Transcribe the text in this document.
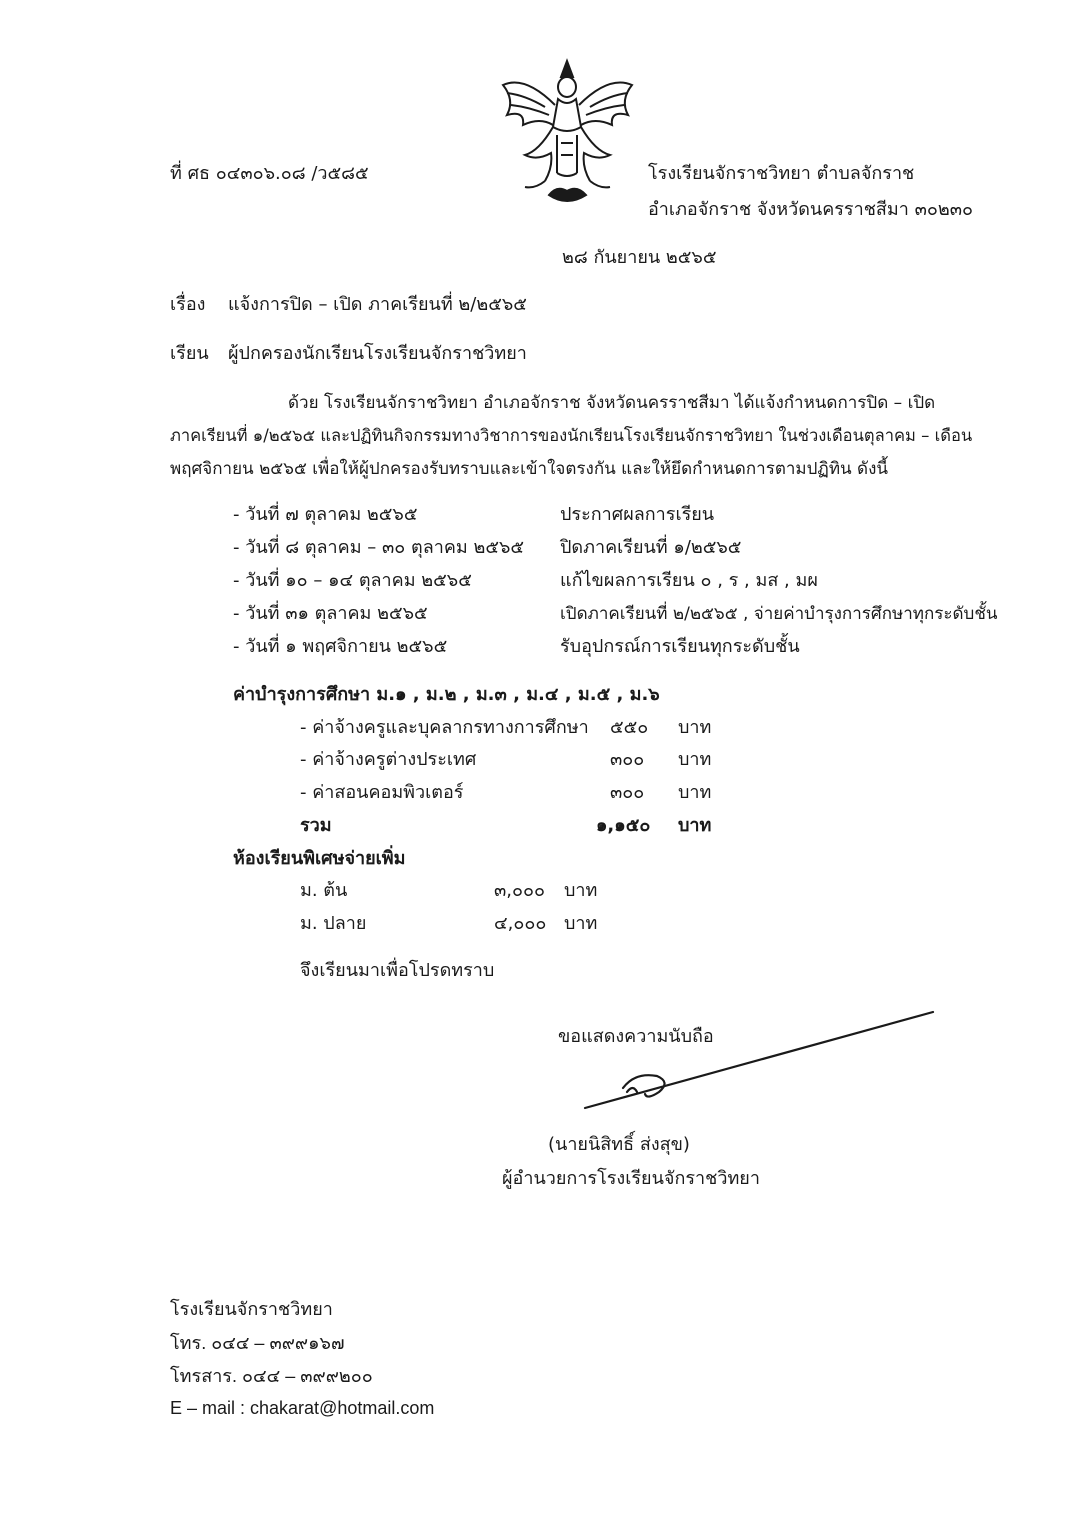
ที่ ศธ ๐๔๓๐๖.๐๘ /ว๕๘๕	โรงเรียนจักราชวิทยา ตำบลจักราช
อำเภอจักราช จังหวัดนครราชสีมา ๓๐๒๓๐
๒๘ กันยายน ๒๕๖๕
เรื่อง แจ้งการปิด – เปิด ภาคเรียนที่ ๒/๒๕๖๕
เรียน ผู้ปกครองนักเรียนโรงเรียนจักราชวิทยา
ด้วย โรงเรียนจักราชวิทยา อำเภอจักราช จังหวัดนครราชสีมา ได้แจ้งกำหนดการปิด – เปิด
ภาคเรียนที่ ๑/๒๕๖๕ และปฏิทินกิจกรรมทางวิชาการของนักเรียนโรงเรียนจักราชวิทยา ในช่วงเดือนตุลาคม – เดือน
พฤศจิกายน ๒๕๖๕ เพื่อให้ผู้ปกครองรับทราบและเข้าใจตรงกัน และให้ยึดกำหนดการตามปฏิทิน ดังนี้
- วันที่ ๗ ตุลาคม ๒๕๖๕	ประกาศผลการเรียน
- วันที่ ๘ ตุลาคม – ๓๐ ตุลาคม ๒๕๖๕ ปิดภาคเรียนที่ ๑/๒๕๖๕
- วันที่ ๑๐ – ๑๔ ตุลาคม ๒๕๖๕	แก้ไขผลการเรียน ๐ , ร , มส , มผ
- วันที่ ๓๑ ตุลาคม ๒๕๖๕	เปิดภาคเรียนที่ ๒/๒๕๖๕ , จ่ายค่าบำรุงการศึกษาทุกระดับชั้น
- วันที่ ๑ พฤศจิกายน ๒๕๖๕	รับอุปกรณ์การเรียนทุกระดับชั้น
ค่าบำรุงการศึกษา ม.๑ , ม.๒ , ม.๓ , ม.๔ , ม.๕ , ม.๖
- ค่าจ้างครูและบุคลากรทางการศึกษา ๕๕๐ บาท
- ค่าจ้างครูต่างประเทศ	๓๐๐ บาท
- ค่าสอนคอมพิวเตอร์	๓๐๐ บาท
รวม	๑,๑๕๐ บาท
ห้องเรียนพิเศษจ่ายเพิ่ม
ม. ต้น	๓,๐๐๐ บาท
ม. ปลาย	๔,๐๐๐ บาท
จึงเรียนมาเพื่อโปรดทราบ
ขอแสดงความนับถือ
(นายนิสิทธิ์ ส่งสุข)
ผู้อำนวยการโรงเรียนจักราชวิทยา
โรงเรียนจักราชวิทยา
โทร. ๐๔๔ – ๓๙๙๑๖๗
โทรสาร. ๐๔๔ – ๓๙๙๒๐๐
E – mail : chakarat@hotmail.com
